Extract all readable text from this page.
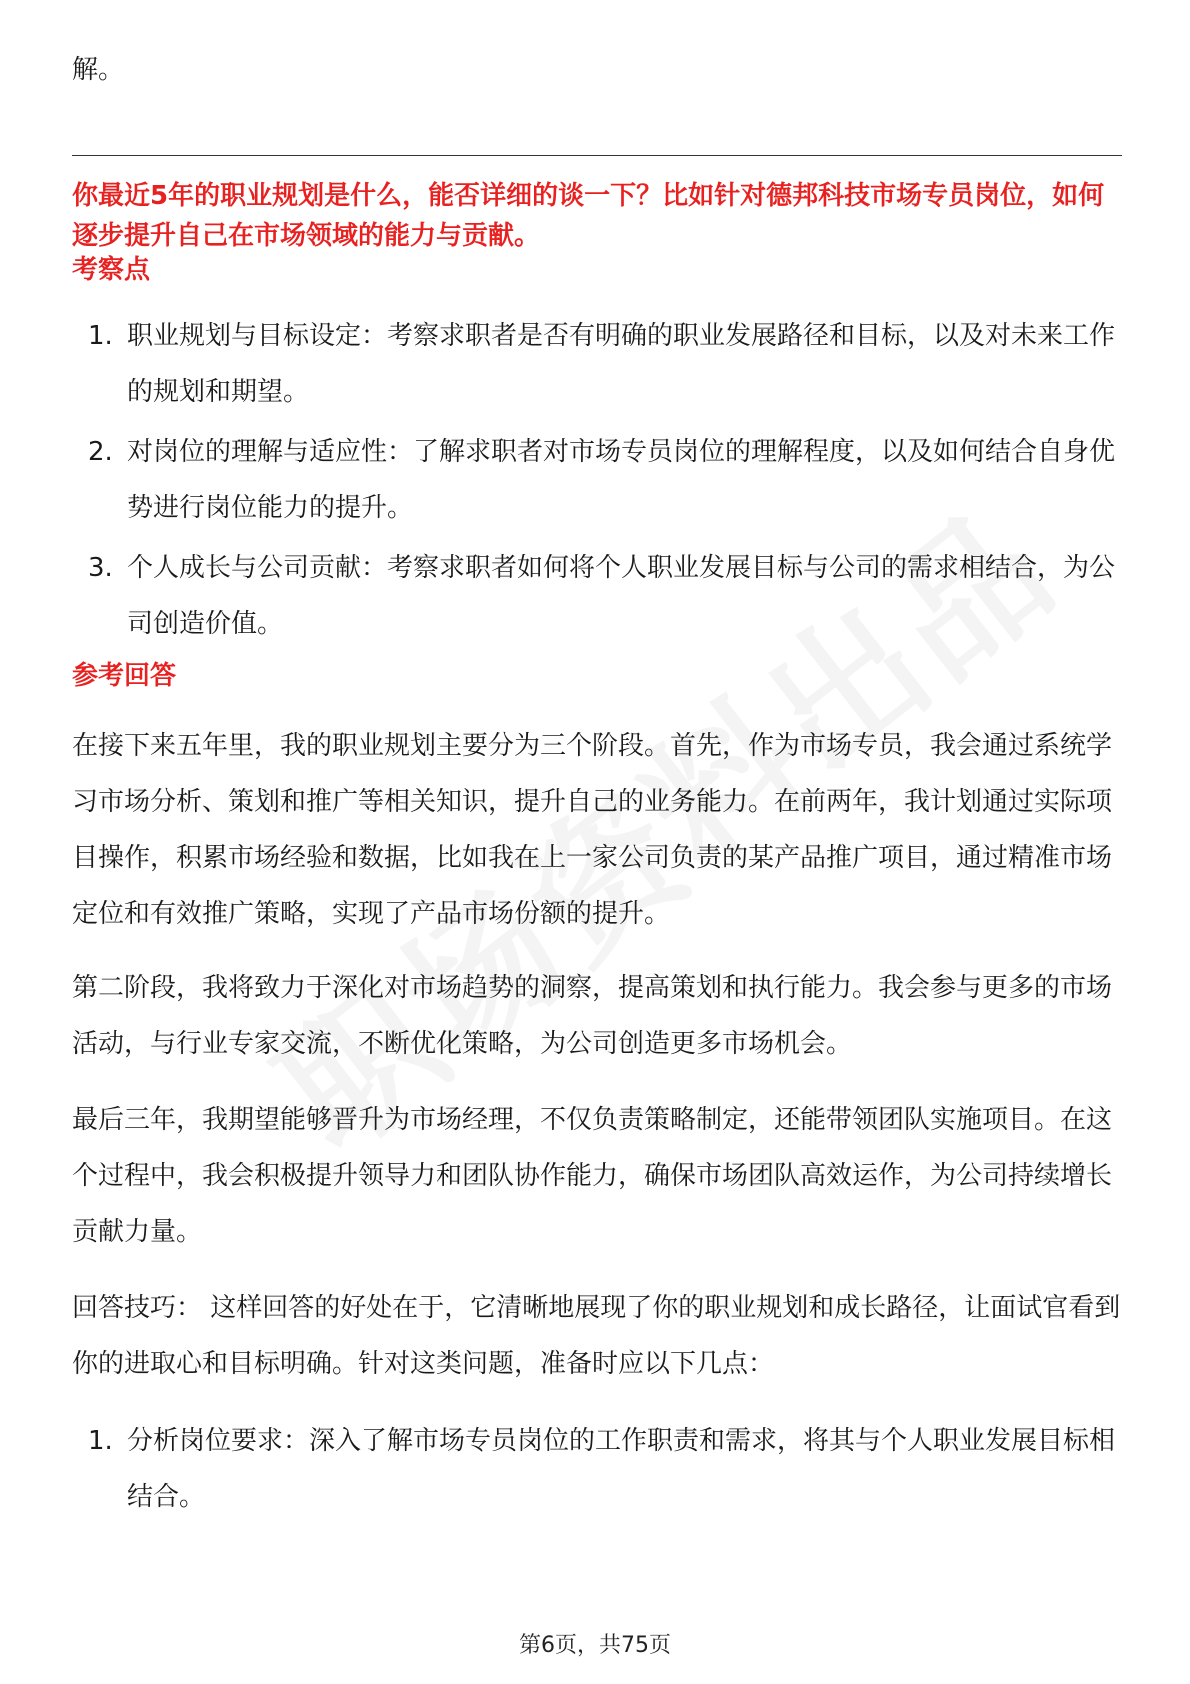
解。

你最近5年的职业规划是什么，能否详细的谈一下？比如针对德邦科技市场专员岗位，如何逐步提升自己在市场领域的能力与贡献。

考察点

1. 职业规划与目标设定：考察求职者是否有明确的职业发展路径和目标，以及对未来工作的规划和期望。
2. 对岗位的理解与适应性：了解求职者对市场专员岗位的理解程度，以及如何结合自身优势进行岗位能力的提升。
3. 个人成长与公司贡献：考察求职者如何将个人职业发展目标与公司的需求相结合，为公司创造价值。

参考回答

在接下来五年里，我的职业规划主要分为三个阶段。首先，作为市场专员，我会通过系统学习市场分析、策划和推广等相关知识，提升自己的业务能力。在前两年，我计划通过实际项目操作，积累市场经验和数据，比如我在上一家公司负责的某产品推广项目，通过精准市场定位和有效推广策略，实现了产品市场份额的提升。

第二阶段，我将致力于深化对市场趋势的洞察，提高策划和执行能力。我会参与更多的市场活动，与行业专家交流，不断优化策略，为公司创造更多市场机会。

最后三年，我期望能够晋升为市场经理，不仅负责策略制定，还能带领团队实施项目。在这个过程中，我会积极提升领导力和团队协作能力，确保市场团队高效运作，为公司持续增长贡献力量。

回答技巧： 这样回答的好处在于，它清晰地展现了你的职业规划和成长路径，让面试官看到你的进取心和目标明确。针对这类问题，准备时应以下几点：

1. 分析岗位要求：深入了解市场专员岗位的工作职责和需求，将其与个人职业发展目标相结合。
第6页，共75页
